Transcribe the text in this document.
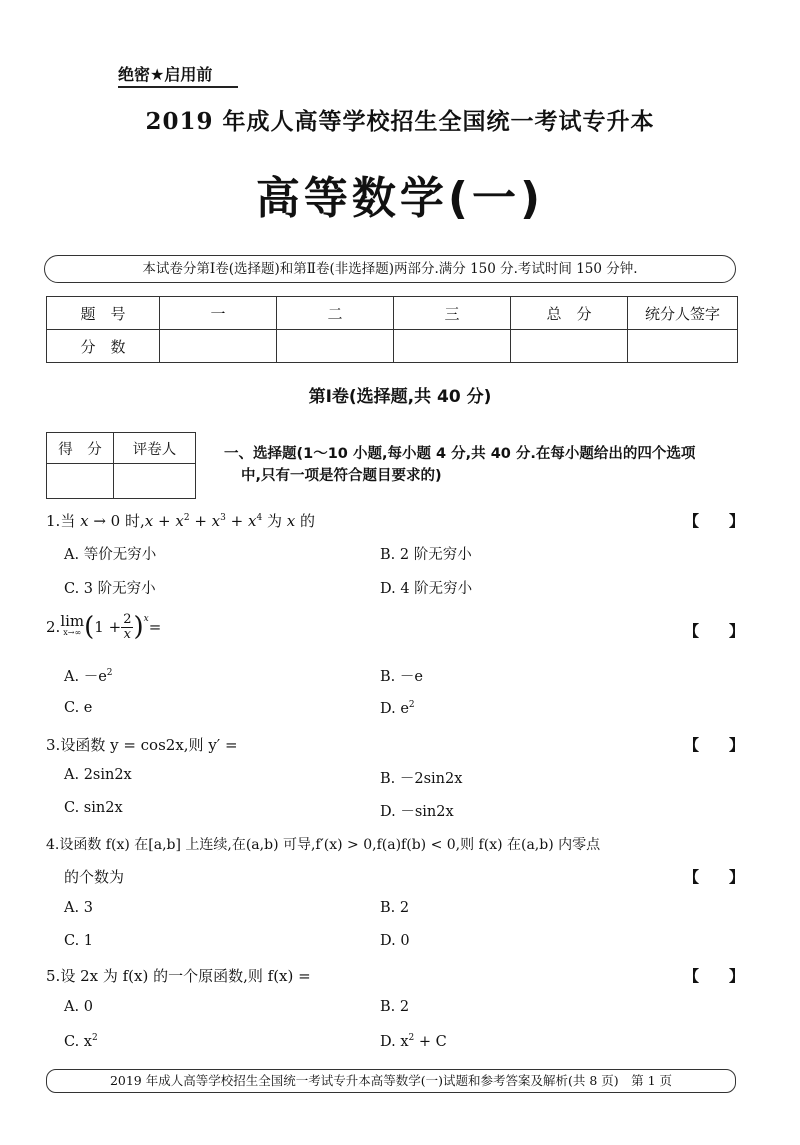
绝密★启用前
2019 年成人高等学校招生全国统一考试专升本
高等数学(一)
本试卷分第Ⅰ卷(选择题)和第Ⅱ卷(非选择题)两部分.满分 150 分.考试时间 150 分钟.
题　号	一	二	三	总　分	统分人签字
分　数					
第Ⅰ卷(选择题,共 40 分)
得　分	评卷人
		一、选择题(1～10 小题,每小题 4 分,共 40 分.在每小题给出的四个选项
中,只有一项是符合题目要求的)
1.当 x → 0 时$,x + x^2 + x^3 + x^4$ 为 x 的	【　　】
A. 等价无穷小	B. 2 阶无穷小
C. 3 阶无穷小	D. 4 阶无穷小
2. lim
x→∞ ( $1 + \frac{2}{x} )^x$ =	【　　】
A. $-e^2$	B. －e
C. e	D. $e^2$
3.设函数 y = cos2x,则 y′ =	【　　】
A. 2sin2x	B. －2sin2x
C. sin2x	D. －sin2x
4.设函数 f(x) 在[a,b] 上连续,在(a,b) 可导,f′(x) > 0,f(a)f(b) < 0,则 f(x) 在(a,b) 内零点
的个数为	【　　】
A. 3	B. 2
C. 1	D. 0
5.设 2x 为 f(x) 的一个原函数,则 f(x) =	【　　】
A. 0	B. 2
C. $x^2$	D. $x^2 + C$
2019 年成人高等学校招生全国统一考试专升本高等数学(一)试题和参考答案及解析(共 8 页)　第 1 页
